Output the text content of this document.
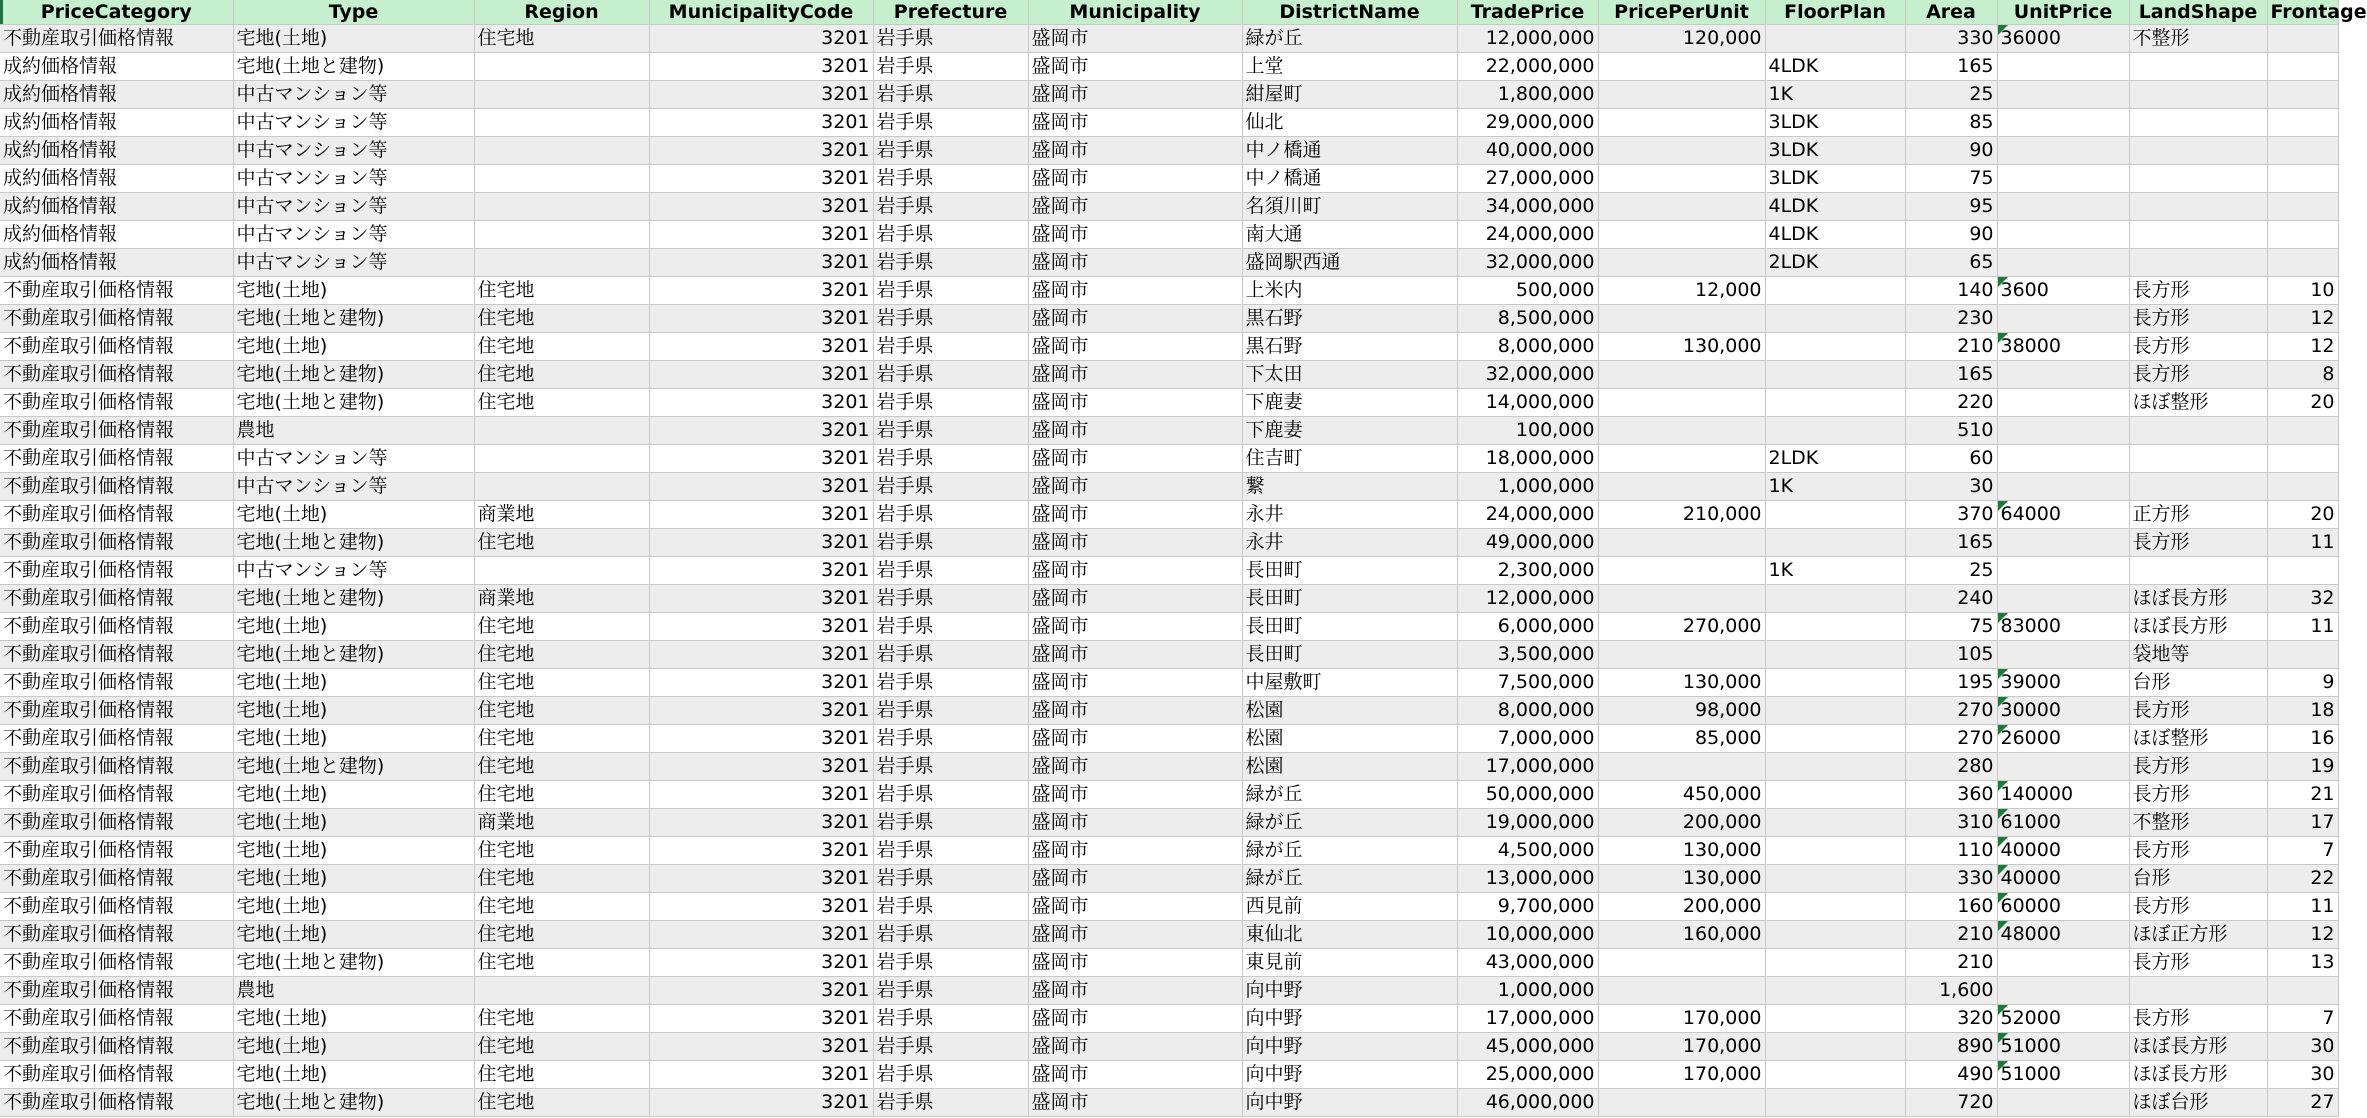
PriceCategory	Type	Region	MunicipalityCode	Prefecture	Municipality	DistrictName	TradePrice	PricePerUnit	FloorPlan	Area	UnitPrice	LandShape	Frontage
不動産取引価格情報	宅地(土地)	住宅地	3201	岩手県	盛岡市	緑が丘	12,000,000	120,000		330	36000	不整形	
成約価格情報	宅地(土地と建物)		3201	岩手県	盛岡市	上堂	22,000,000		4LDK	165			
成約価格情報	中古マンション等		3201	岩手県	盛岡市	紺屋町	1,800,000		1K	25			
成約価格情報	中古マンション等		3201	岩手県	盛岡市	仙北	29,000,000		3LDK	85			
成約価格情報	中古マンション等		3201	岩手県	盛岡市	中ノ橋通	40,000,000		3LDK	90			
成約価格情報	中古マンション等		3201	岩手県	盛岡市	中ノ橋通	27,000,000		3LDK	75			
成約価格情報	中古マンション等		3201	岩手県	盛岡市	名須川町	34,000,000		4LDK	95			
成約価格情報	中古マンション等		3201	岩手県	盛岡市	南大通	24,000,000		4LDK	90			
成約価格情報	中古マンション等		3201	岩手県	盛岡市	盛岡駅西通	32,000,000		2LDK	65			
不動産取引価格情報	宅地(土地)	住宅地	3201	岩手県	盛岡市	上米内	500,000	12,000		140	3600	長方形	10
不動産取引価格情報	宅地(土地と建物)	住宅地	3201	岩手県	盛岡市	黒石野	8,500,000			230		長方形	12
不動産取引価格情報	宅地(土地)	住宅地	3201	岩手県	盛岡市	黒石野	8,000,000	130,000		210	38000	長方形	12
不動産取引価格情報	宅地(土地と建物)	住宅地	3201	岩手県	盛岡市	下太田	32,000,000			165		長方形	8
不動産取引価格情報	宅地(土地と建物)	住宅地	3201	岩手県	盛岡市	下鹿妻	14,000,000			220		ほぼ整形	20
不動産取引価格情報	農地		3201	岩手県	盛岡市	下鹿妻	100,000			510			
不動産取引価格情報	中古マンション等		3201	岩手県	盛岡市	住吉町	18,000,000		2LDK	60			
不動産取引価格情報	中古マンション等		3201	岩手県	盛岡市	繋	1,000,000		1K	30			
不動産取引価格情報	宅地(土地)	商業地	3201	岩手県	盛岡市	永井	24,000,000	210,000		370	64000	正方形	20
不動産取引価格情報	宅地(土地と建物)	住宅地	3201	岩手県	盛岡市	永井	49,000,000			165		長方形	11
不動産取引価格情報	中古マンション等		3201	岩手県	盛岡市	長田町	2,300,000		1K	25			
不動産取引価格情報	宅地(土地と建物)	商業地	3201	岩手県	盛岡市	長田町	12,000,000			240		ほぼ長方形	32
不動産取引価格情報	宅地(土地)	住宅地	3201	岩手県	盛岡市	長田町	6,000,000	270,000		75	83000	ほぼ長方形	11
不動産取引価格情報	宅地(土地と建物)	住宅地	3201	岩手県	盛岡市	長田町	3,500,000			105		袋地等	
不動産取引価格情報	宅地(土地)	住宅地	3201	岩手県	盛岡市	中屋敷町	7,500,000	130,000		195	39000	台形	9
不動産取引価格情報	宅地(土地)	住宅地	3201	岩手県	盛岡市	松園	8,000,000	98,000		270	30000	長方形	18
不動産取引価格情報	宅地(土地)	住宅地	3201	岩手県	盛岡市	松園	7,000,000	85,000		270	26000	ほぼ整形	16
不動産取引価格情報	宅地(土地と建物)	住宅地	3201	岩手県	盛岡市	松園	17,000,000			280		長方形	19
不動産取引価格情報	宅地(土地)	住宅地	3201	岩手県	盛岡市	緑が丘	50,000,000	450,000		360	140000	長方形	21
不動産取引価格情報	宅地(土地)	商業地	3201	岩手県	盛岡市	緑が丘	19,000,000	200,000		310	61000	不整形	17
不動産取引価格情報	宅地(土地)	住宅地	3201	岩手県	盛岡市	緑が丘	4,500,000	130,000		110	40000	長方形	7
不動産取引価格情報	宅地(土地)	住宅地	3201	岩手県	盛岡市	緑が丘	13,000,000	130,000		330	40000	台形	22
不動産取引価格情報	宅地(土地)	住宅地	3201	岩手県	盛岡市	西見前	9,700,000	200,000		160	60000	長方形	11
不動産取引価格情報	宅地(土地)	住宅地	3201	岩手県	盛岡市	東仙北	10,000,000	160,000		210	48000	ほぼ正方形	12
不動産取引価格情報	宅地(土地と建物)	住宅地	3201	岩手県	盛岡市	東見前	43,000,000			210		長方形	13
不動産取引価格情報	農地		3201	岩手県	盛岡市	向中野	1,000,000			1,600			
不動産取引価格情報	宅地(土地)	住宅地	3201	岩手県	盛岡市	向中野	17,000,000	170,000		320	52000	長方形	7
不動産取引価格情報	宅地(土地)	住宅地	3201	岩手県	盛岡市	向中野	45,000,000	170,000		890	51000	ほぼ長方形	30
不動産取引価格情報	宅地(土地)	住宅地	3201	岩手県	盛岡市	向中野	25,000,000	170,000		490	51000	ほぼ長方形	30
不動産取引価格情報	宅地(土地と建物)	住宅地	3201	岩手県	盛岡市	向中野	46,000,000			720		ほぼ台形	27
